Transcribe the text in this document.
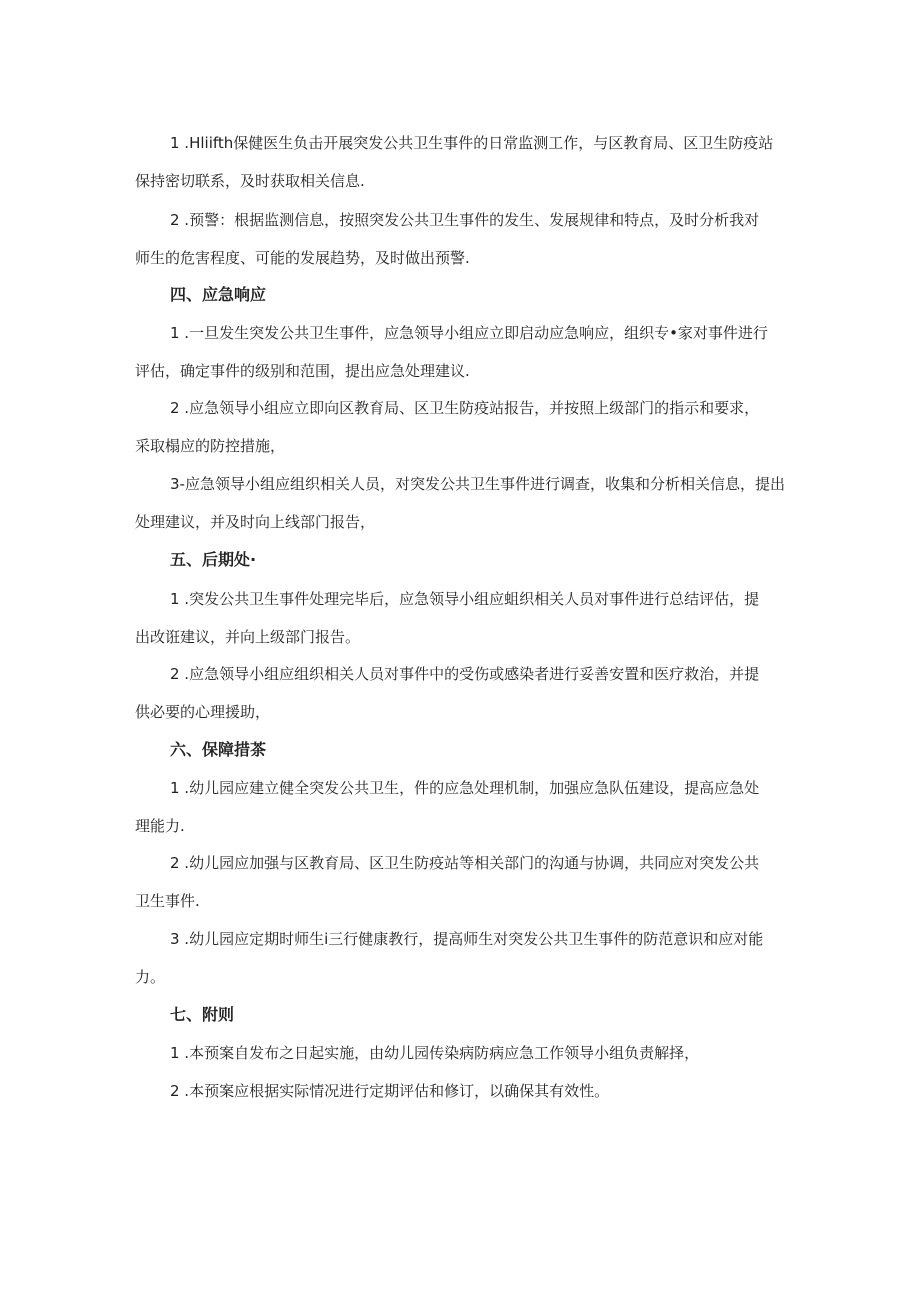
1 .Hliifth保健医生负击开展突发公共卫生事件的日常监测工作，与区教育局、区卫生防疫站
保持密切联系，及时获取相关信息.
2 .预警：根据监测信息，按照突发公共卫生事件的发生、发展规律和特点，及时分析我对
师生的危害程度、可能的发展趋势，及时做出预警.
四、应急响应
1 .一旦发生突发公共卫生事件，应急领导小组应立即启动应急响应，组织专•家对事件进行
评估，确定事件的级别和范围，提出应急处理建议.
2 .应急领导小组应立即向区教育局、区卫生防疫站报告，并按照上级部门的指示和要求，
采取榻应的防控措施，
3-应急领导小组应组织相关人员，对突发公共卫生事件进行调查，收集和分析相关信息，提出
处理建议，并及时向上线部门报告，
五、后期处·
1 .突发公共卫生事件处理完毕后，应急领导小组应蛆织相关人员对事件进行总结评估，提
出改诳建议，并向上级部门报告。
2 .应急领导小组应组织相关人员对事件中的受伤或感染者进行妥善安置和医疗救治，并提
供必要的心理援助，
六、保障措茶
1 .幼儿园应建立健全突发公共卫生，件的应急处理机制，加强应急队伍建设，提高应急处
理能力.
2 .幼儿园应加强与区教育局、区卫生防疫站等相关部门的沟通与协调，共同应对突发公共
卫生事件.
3 .幼儿园应定期时师生i三行健康教行，提高师生对突发公共卫生事件的防范意识和应对能
力。
七、附则
1 .本预案自发布之日起实施，由幼儿园传染病防病应急工作领导小组负责解择，
2 .本预案应根据实际情况进行定期评估和修订，以确保其有效性。
